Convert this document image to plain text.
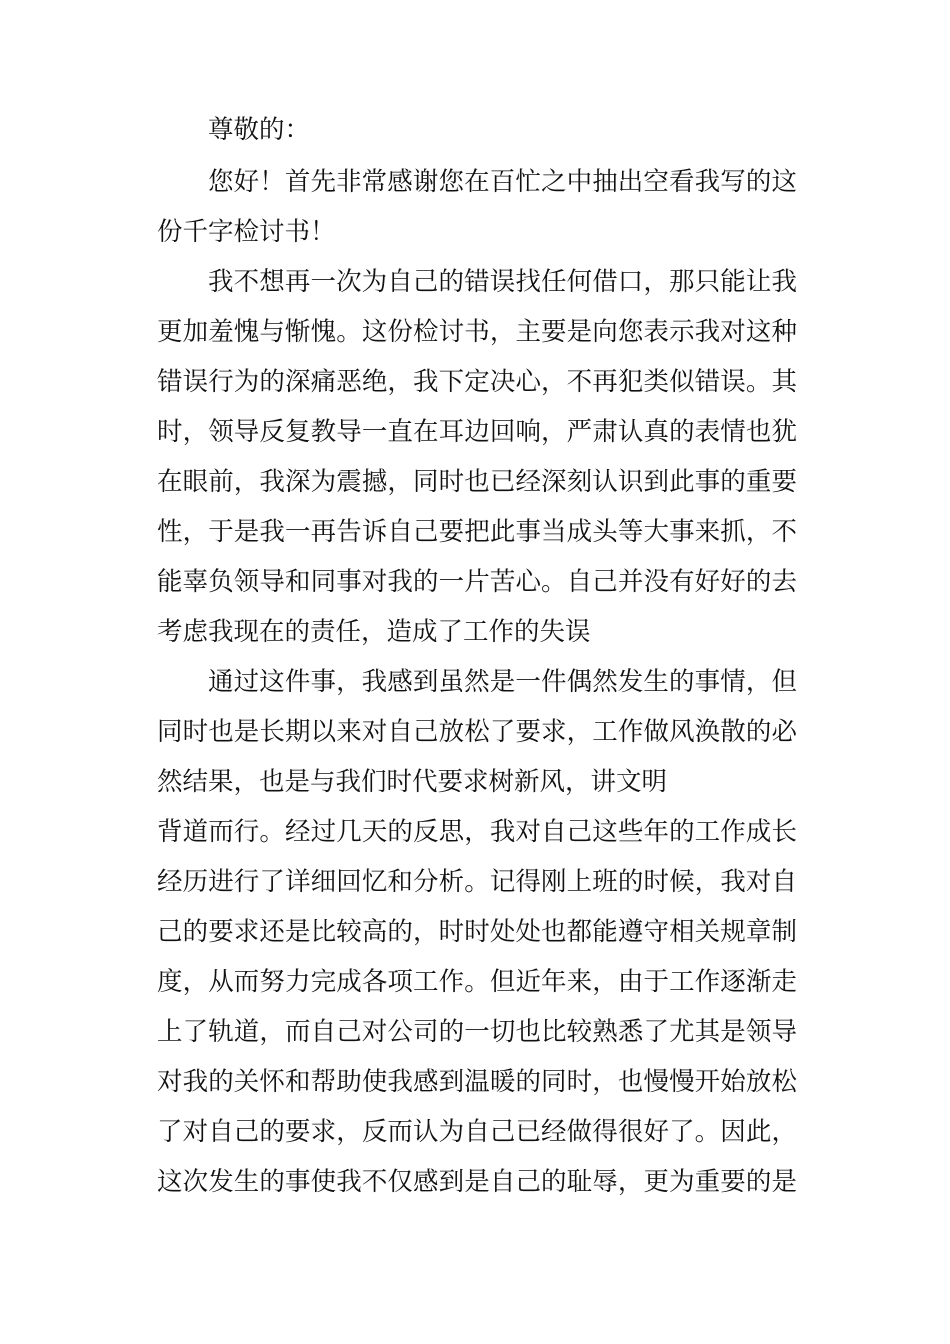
尊敬的：
您好！首先非常感谢您在百忙之中抽出空看我写的这
份千字检讨书！
我不想再一次为自己的错误找任何借口，那只能让我
更加羞愧与惭愧。这份检讨书，主要是向您表示我对这种
错误行为的深痛恶绝，我下定决心，不再犯类似错误。其
时，领导反复教导一直在耳边回响，严肃认真的表情也犹
在眼前，我深为震撼，同时也已经深刻认识到此事的重要
性，于是我一再告诉自己要把此事当成头等大事来抓，不
能辜负领导和同事对我的一片苦心。自己并没有好好的去
考虑我现在的责任，造成了工作的失误
通过这件事，我感到虽然是一件偶然发生的事情，但
同时也是长期以来对自己放松了要求，工作做风涣散的必
然结果，也是与我们时代要求树新风，讲文明
背道而行。经过几天的反思，我对自己这些年的工作成长
经历进行了详细回忆和分析。记得刚上班的时候，我对自
己的要求还是比较高的，时时处处也都能遵守相关规章制
度，从而努力完成各项工作。但近年来，由于工作逐渐走
上了轨道，而自己对公司的一切也比较熟悉了尤其是领导
对我的关怀和帮助使我感到温暖的同时，也慢慢开始放松
了对自己的要求，反而认为自己已经做得很好了。因此，
这次发生的事使我不仅感到是自己的耻辱，更为重要的是
